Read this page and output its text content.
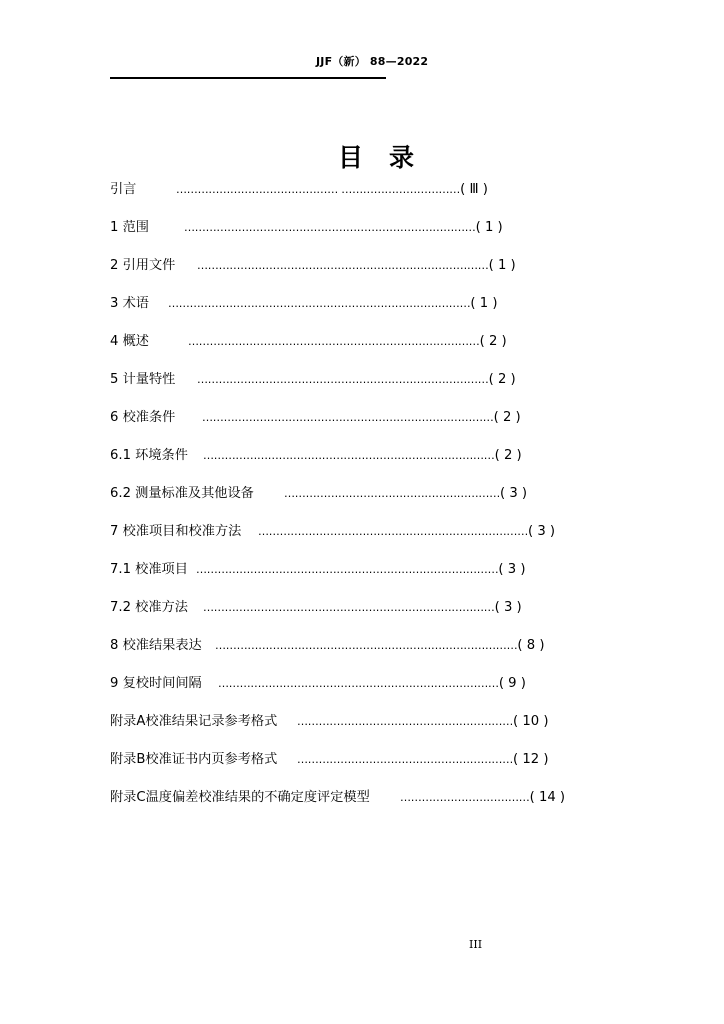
JJF（新） 88—2022
目 录
引言	……………………………………… ……………………………( Ⅲ )
1 范围	………………………………………………………………………( 1 )
2 引用文件 ………………………………………………………………………( 1 )
3 术语 …………………………………………………………………………( 1 )
4 概述	………………………………………………………………………( 2 )
5 计量特性 ………………………………………………………………………( 2 )
6 校准条件 ………………………………………………………………………( 2 )
6.1 环境条件 ………………………………………………………………………( 2 )
6.2 测量标准及其他设备	……………………………………………………( 3 )
7 校准项目和校准方法 …………………………………………………………………( 3 )
7.1 校准项目 …………………………………………………………………………( 3 )
7.2 校准方法 ………………………………………………………………………( 3 )
8 校准结果表达 …………………………………………………………………………( 8 )
9 复校时间间隔 ……………………………………………………………………( 9 )
附录A校准结果记录参考格式 ……………………………………………………( 10 )
附录B校准证书内页参考格式 ……………………………………………………( 12 )
附录C温度偏差校准结果的不确定度评定模型	………………………………( 14 )
III
